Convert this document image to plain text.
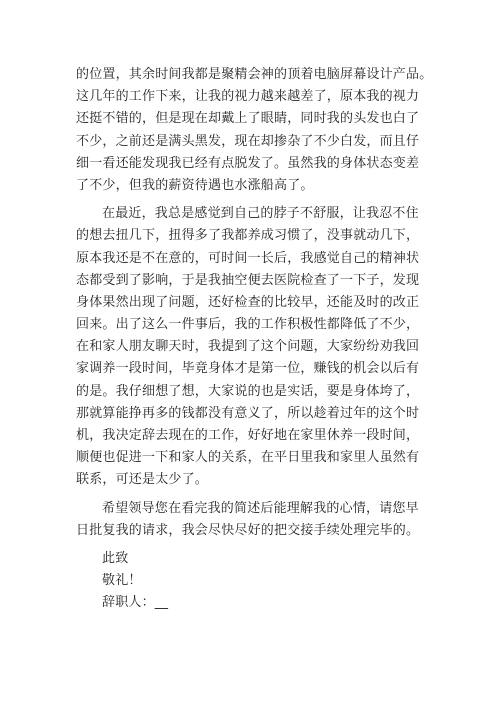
的位置，其余时间我都是聚精会神的顶着电脑屏幕设计产品。
这几年的工作下来，让我的视力越来越差了，原本我的视力
还挺不错的，但是现在却戴上了眼睛，同时我的头发也白了
不少，之前还是满头黑发，现在却掺杂了不少白发，而且仔
细一看还能发现我已经有点脱发了。虽然我的身体状态变差
了不少，但我的薪资待遇也水涨船高了。
在最近，我总是感觉到自己的脖子不舒服，让我忍不住
的想去扭几下，扭得多了我都养成习惯了，没事就动几下，
原本我还是不在意的，可时间一长后，我感觉自己的精神状
态都受到了影响，于是我抽空便去医院检查了一下子，发现
身体果然出现了问题，还好检查的比较早，还能及时的改正
回来。出了这么一件事后，我的工作积极性都降低了不少，
在和家人朋友聊天时，我提到了这个问题，大家纷纷劝我回
家调养一段时间，毕竟身体才是第一位，赚钱的机会以后有
的是。我仔细想了想，大家说的也是实话，要是身体垮了，
那就算能挣再多的钱都没有意义了，所以趁着过年的这个时
机，我决定辞去现在的工作，好好地在家里休养一段时间，
顺便也促进一下和家人的关系，在平日里我和家里人虽然有
联系，可还是太少了。
希望领导您在看完我的简述后能理解我的心情，请您早
日批复我的请求，我会尽快尽好的把交接手续处理完毕的。
此致
敬礼！
辞职人：__
